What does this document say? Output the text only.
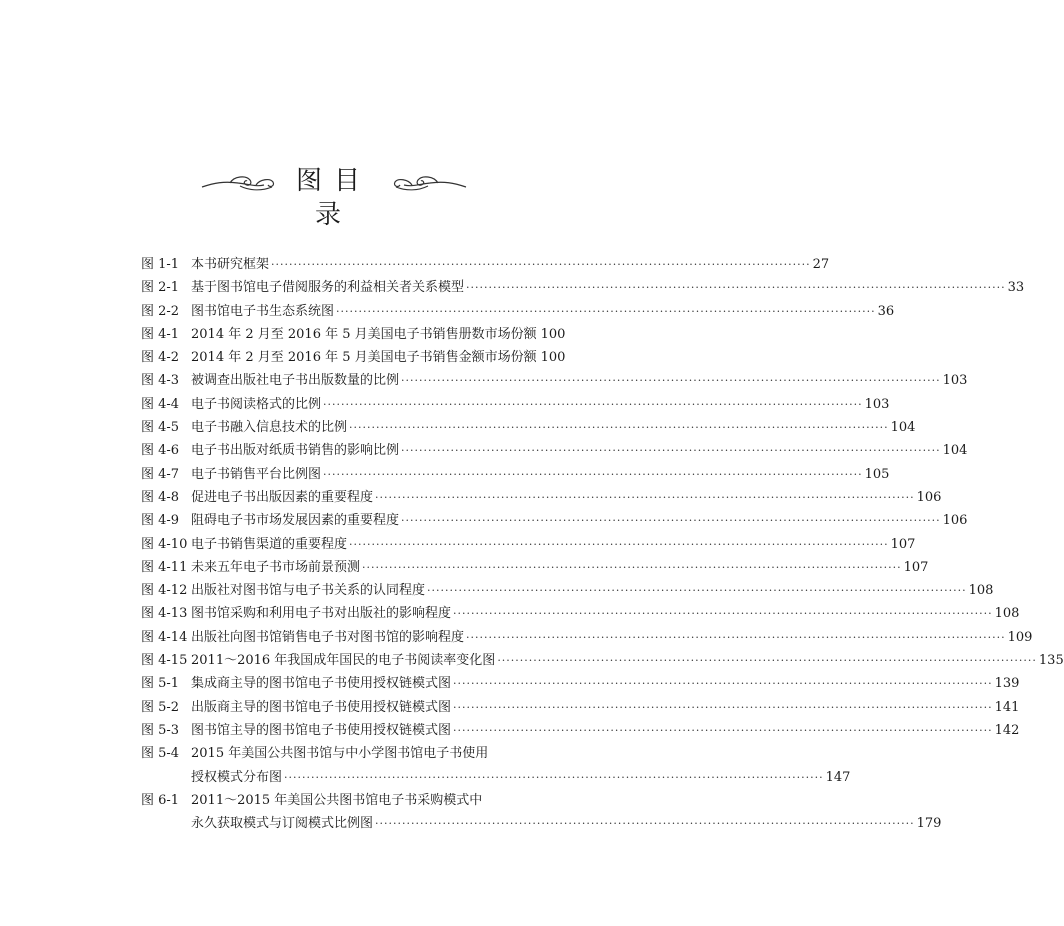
图目录
图 1-1 本书研究框架 ························································································································ 27
图 2-1 基于图书馆电子借阅服务的利益相关者关系模型 ························································································································ 33
图 2-2 图书馆电子书生态系统图 ························································································································ 36
图 4-1 2014 年 2 月至 2016 年 5 月美国电子书销售册数市场份额 100
图 4-2 2014 年 2 月至 2016 年 5 月美国电子书销售金额市场份额 100
图 4-3 被调查出版社电子书出版数量的比例 ························································································································ 103
图 4-4 电子书阅读格式的比例 ························································································································ 103
图 4-5 电子书融入信息技术的比例 ························································································································ 104
图 4-6 电子书出版对纸质书销售的影响比例 ························································································································ 104
图 4-7 电子书销售平台比例图 ························································································································ 105
图 4-8 促进电子书出版因素的重要程度 ························································································································ 106
图 4-9 阻碍电子书市场发展因素的重要程度 ························································································································ 106
图 4-10 电子书销售渠道的重要程度 ························································································································ 107
图 4-11 未来五年电子书市场前景预测 ························································································································ 107
图 4-12 出版社对图书馆与电子书关系的认同程度 ························································································································ 108
图 4-13 图书馆采购和利用电子书对出版社的影响程度 ························································································································ 108
图 4-14 出版社向图书馆销售电子书对图书馆的影响程度 ························································································································ 109
图 4-15 2011～2016 年我国成年国民的电子书阅读率变化图 ························································································································ 135
图 5-1 集成商主导的图书馆电子书使用授权链模式图 ························································································································ 139
图 5-2 出版商主导的图书馆电子书使用授权链模式图 ························································································································ 141
图 5-3 图书馆主导的图书馆电子书使用授权链模式图 ························································································································ 142
图 5-4 2015 年美国公共图书馆与中小学图书馆电子书使用
授权模式分布图 ························································································································ 147
图 6-1 2011～2015 年美国公共图书馆电子书采购模式中
永久获取模式与订阅模式比例图 ························································································································ 179
